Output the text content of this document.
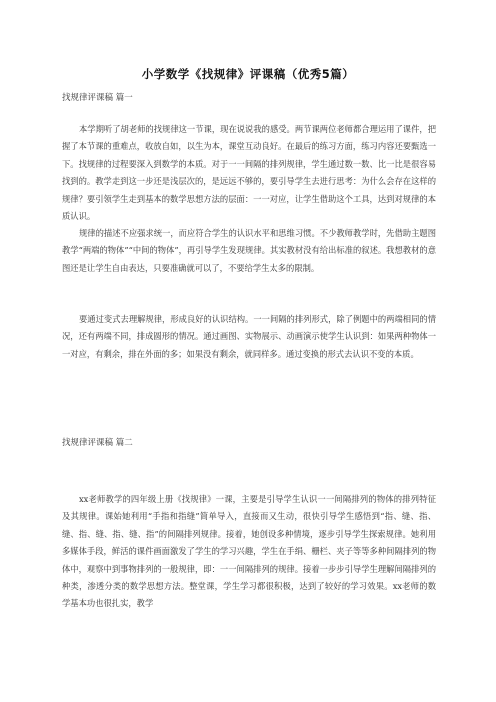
小学数学《找规律》评课稿（优秀5篇）
找规律评课稿 篇一

本学期听了胡老师的找规律这一节课，现在说说我的感受。两节课两位老师都合理运用了课件，把握了本节课的重难点，收放自如，以生为本，课堂互动良好。在最后的练习方面，练习内容还要甄选一下。找规律的过程要深入到数学的本质。对于一一间隔的排列规律，学生通过数一数、比一比是很容易找到的。教学走到这一步还是浅层次的，是远远不够的，要引导学生去进行思考：为什么会存在这样的规律？要引领学生走到基本的数学思想方法的层面：一一对应，让学生借助这个工具，达到对规律的本质认识。

规律的描述不应强求统一，而应符合学生的认识水平和思维习惯。不少教师教学时，先借助主题图教学“两端的物体”“中间的物体”，再引导学生发现规律。其实教材没有给出标准的叙述。我想教材的意图还是让学生自由表达，只要准确就可以了，不要给学生太多的限制。

要通过变式去理解规律，形成良好的认识结构。一一间隔的排列形式，除了例题中的两端相同的情况，还有两端不同，排成圆形的情况。通过画图、实物展示、动画演示使学生认识到：如果两种物体一一对应，有剩余，排在外面的多；如果没有剩余，就同样多。通过变换的形式去认识不变的本质。

找规律评课稿 篇二

xx老师教学的四年级上册《找规律》一课，主要是引导学生认识一一间隔排列的物体的排列特征及其规律。课始她利用“手指和指缝”简单导入，直接而又生动，很快引导学生感悟到“指、缝、指、缝、指、缝、指、缝、指”的间隔排列规律。接着，她创设多种情境，逐步引导学生探索规律。她利用多媒体手段，鲜活的课件画面激发了学生的学习兴趣，学生在手绢、栅栏、夹子等等多种间隔排列的物体中，观察中到事物排列的一般规律，即：一一间隔排列的规律。接着一步步引导学生理解间隔排列的种类，渗透分类的数学思想方法。整堂课，学生学习都很积极，达到了较好的学习效果。xx老师的数学基本功也很扎实，教学
